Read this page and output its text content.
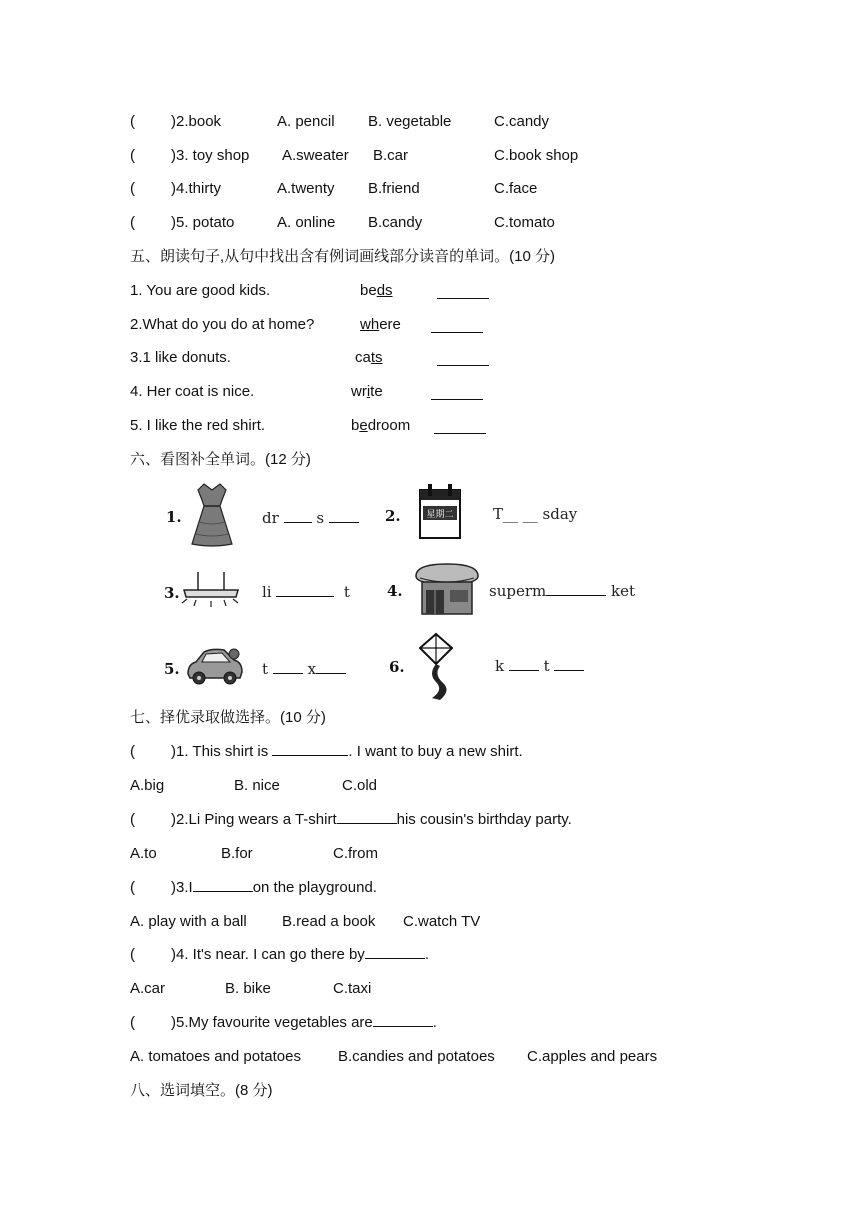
( )2.book	A. pencil B. vegetable	C.candy
( )3. toy shop A.sweater B.car	C.book shop
( )4.thirty	A.twenty B.friend	C.face
( )5. potato	A. online B.candy	C.tomato
五、朗读句子,从句中找出含有例词画线部分读音的单词。(10 分)
1. You are good kids.	beds
2.What do you do at home?	where
3.1 like donuts.	cats
4. Her coat is nice.	write
5. I like the red shirt.	bedroom
六、看图补全单词。(12 分)
1.	dr  s	2.	星期二	T__ __ sday
3.	li	t 4.	superm	ket
5.	t  x	6.	k  t
七、择优录取做选择。(10 分)
( )1. This shirt is	. I want to buy a new shirt.
A.big	B. nice	C.old
( )2.Li Ping wears a T-shirt	his cousin's birthday party.
A.to	B.for	C.from
( )3.I	on the playground.
A. play with a ball B.read a book C.watch TV
( )4. It's near. I can go there by	.
A.car	B. bike	C.taxi
( )5.My favourite vegetables are	.
A. tomatoes and potatoes B.candies and potatoes C.apples and pears
八、选词填空。(8 分)
